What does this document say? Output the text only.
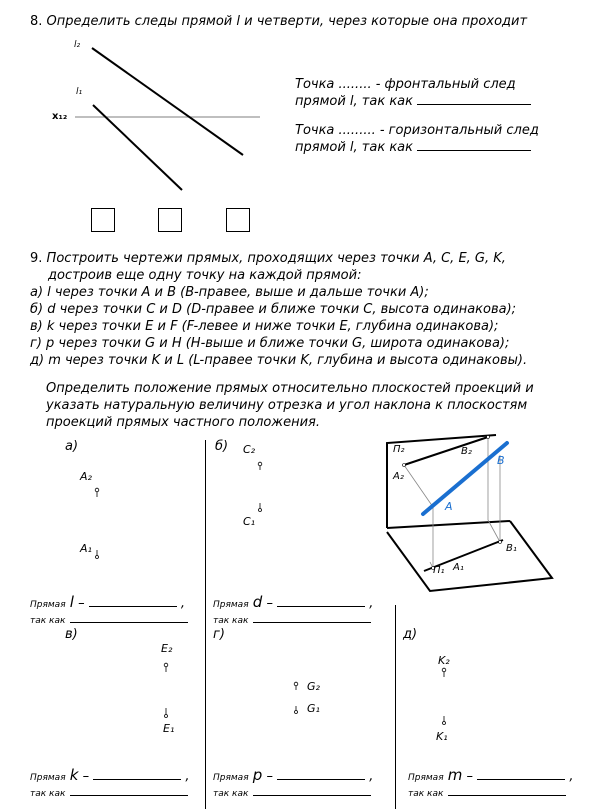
8. Определить следы прямой l и четверти, через которые она проходит
l₂
l₁
x₁₂
Точка ........ - фронтальный след
прямой l, так как
Точка ......... - горизонтальный след
прямой l, так как
9. Построить чертежи прямых, проходящих через точки A, C, E, G, K,
достроив еще одну точку на каждой прямой:
а) l через точки A и B (B-правее, выше и дальше точки A);
б) d через точки C и D (D-правее и ближе точки C, высота одинакова);
в) k через точки E и F (F-левее и ниже точки E, глубина одинакова);
г) p через точки G и H (H-выше и ближе точки G, широта одинакова);
д) m через точки K и L (L-правее точки K, глубина и высота одинаковы).
Определить положение прямых относительно плоскостей проекций и
указать натуральную величину отрезка и угол наклона к плоскостям
проекций прямых частного положения.
а)	б)
в)	г)	д)
A₂
A₁
C₂
C₁
E₂
E₁
G₂
G₁
K₂
K₁
П₂
П₁
A₂
B₂
B
A
B₁
A₁
Прямая l –	,
так как
Прямая d –	,
так как
Прямая k –	,
так как
Прямая p –	,
так как
Прямая m –	,
так как
